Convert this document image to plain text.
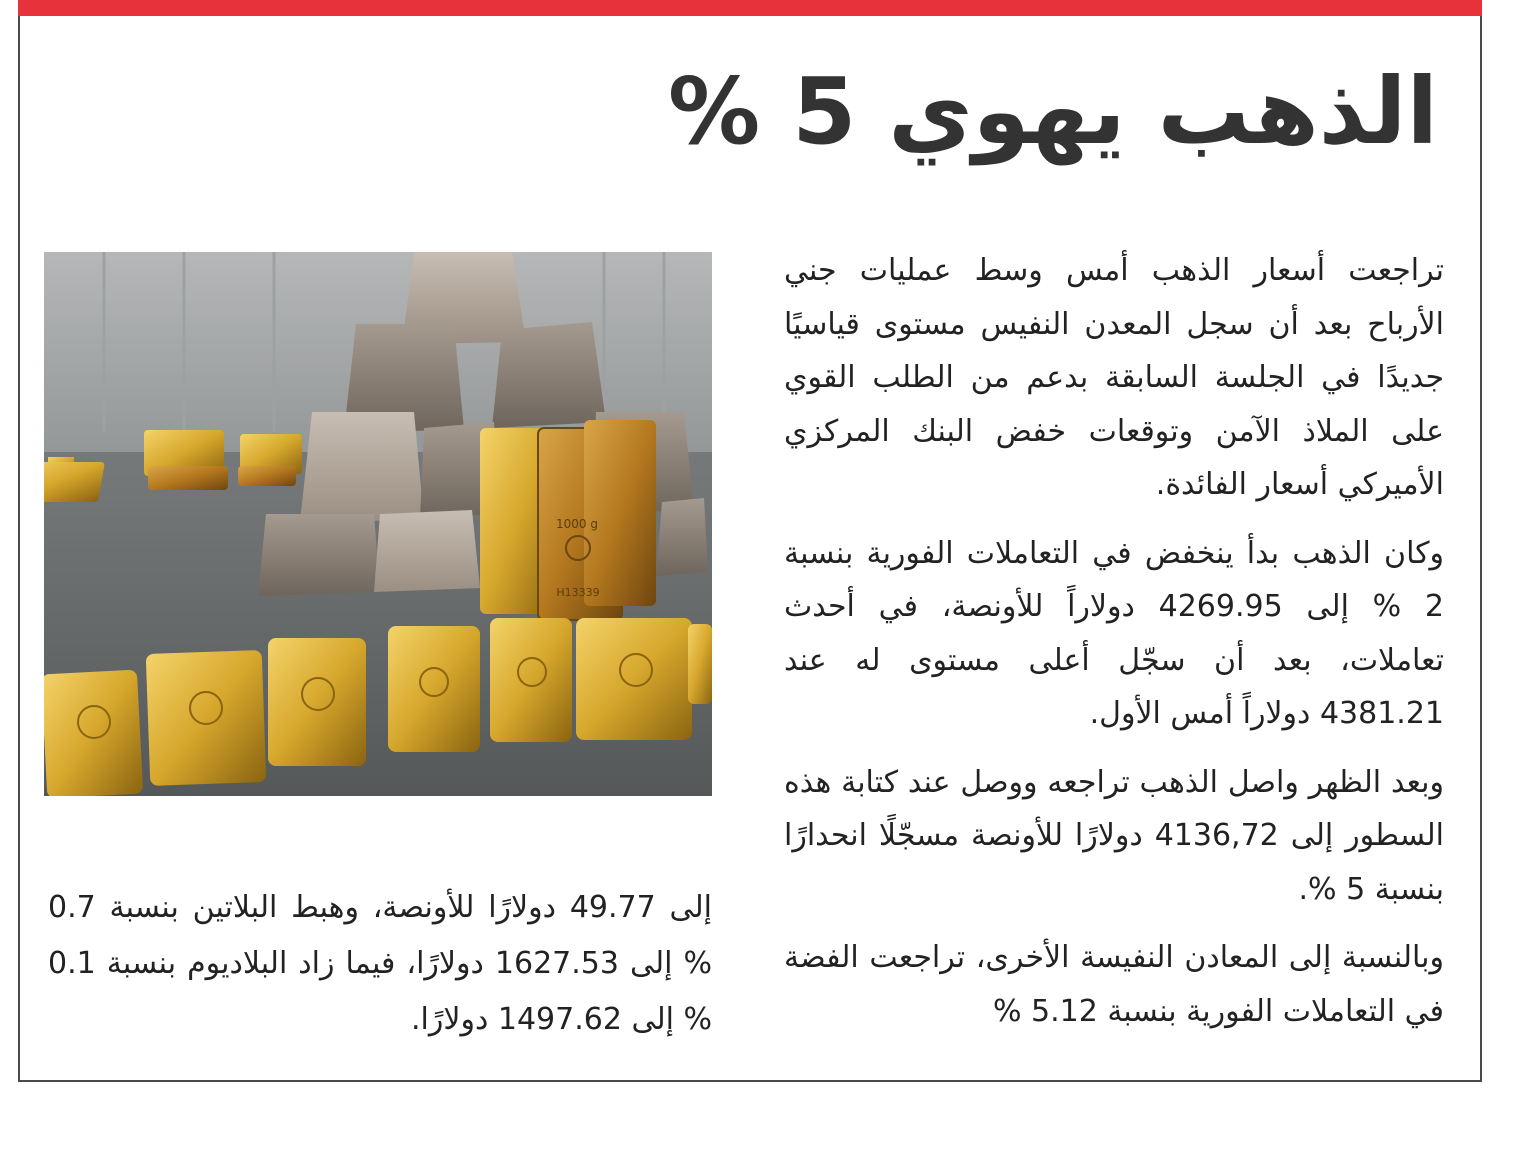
الذهب يهوي 5 %

تراجعت أسعار الذهب أمس وسط عمليات جني الأرباح بعد أن سجل المعدن النفيس مستوى قياسيًا جديدًا في الجلسة السابقة بدعم من الطلب القوي على الملاذ الآمن وتوقعات خفض البنك المركزي الأميركي أسعار الفائدة.

وكان الذهب بدأ ينخفض في التعاملات الفورية بنسبة 2 % إلى 4269.95 دولاراً للأونصة، في أحدث تعاملات، بعد أن سجّل أعلى مستوى له عند 4381.21 دولاراً أمس الأول.

وبعد الظهر واصل الذهب تراجعه ووصل عند كتابة هذه السطور إلى 4136,72 دولارًا للأونصة مسجّلًا انحدارًا بنسبة 5 %.

وبالنسبة إلى المعادن النفيسة الأخرى، تراجعت الفضة في التعاملات الفورية بنسبة 5.12 %

1000 g
H13339

إلى 49.77 دولارًا للأونصة، وهبط البلاتين بنسبة 0.7 % إلى 1627.53 دولارًا، فيما زاد البلاديوم بنسبة 0.1 % إلى 1497.62 دولارًا.
